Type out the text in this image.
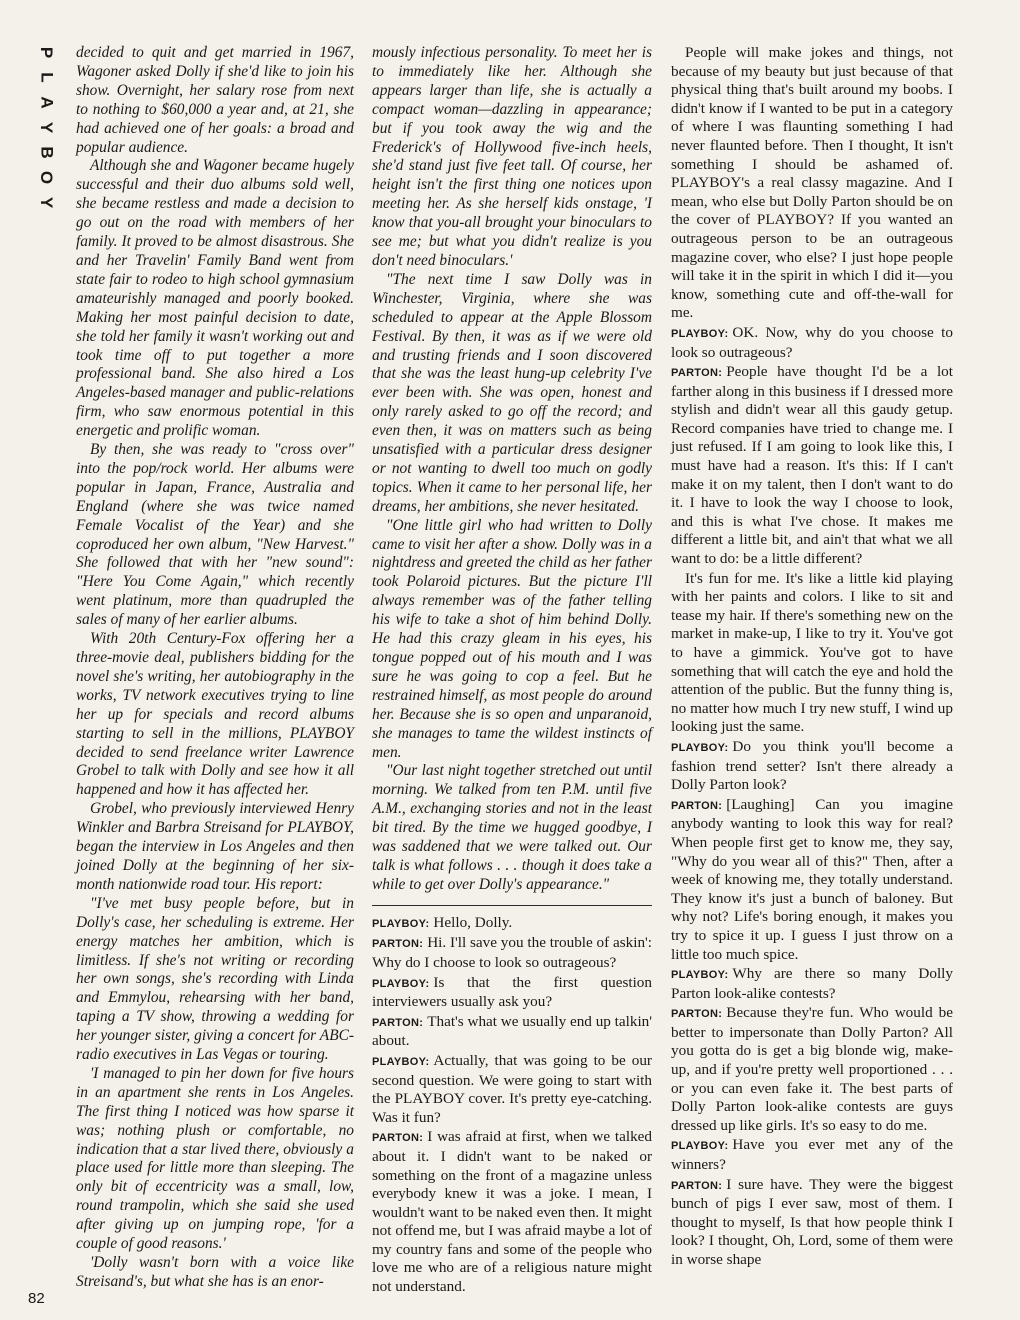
P
L
A
Y
B
O
Y
82

decided to quit and get married in 1967, Wagoner asked Dolly if she'd like to join his show. Overnight, her salary rose from next to nothing to $60,000 a year and, at 21, she had achieved one of her goals: a broad and popular audience.

Although she and Wagoner became hugely successful and their duo albums sold well, she became restless and made a decision to go out on the road with members of her family. It proved to be almost disastrous. She and her Travelin' Family Band went from state fair to rodeo to high school gymnasium amateurishly managed and poorly booked. Making her most painful decision to date, she told her family it wasn't working out and took time off to put together a more professional band. She also hired a Los Angeles-based manager and public-relations firm, who saw enormous potential in this energetic and prolific woman.

By then, she was ready to "cross over" into the pop/rock world. Her albums were popular in Japan, France, Australia and England (where she was twice named Female Vocalist of the Year) and she coproduced her own album, "New Harvest." She followed that with her "new sound": "Here You Come Again," which recently went platinum, more than quadrupled the sales of many of her earlier albums.

With 20th Century-Fox offering her a three-movie deal, publishers bidding for the novel she's writing, her autobiography in the works, TV network executives trying to line her up for specials and record albums starting to sell in the millions, PLAYBOY decided to send freelance writer Lawrence Grobel to talk with Dolly and see how it all happened and how it has affected her.

Grobel, who previously interviewed Henry Winkler and Barbra Streisand for PLAYBOY, began the interview in Los Angeles and then joined Dolly at the beginning of her six-month nationwide road tour. His report:

"I've met busy people before, but in Dolly's case, her scheduling is extreme. Her energy matches her ambition, which is limitless. If she's not writing or recording her own songs, she's recording with Linda and Emmylou, rehearsing with her band, taping a TV show, throwing a wedding for her younger sister, giving a concert for ABC-radio executives in Las Vegas or touring.

'I managed to pin her down for five hours in an apartment she rents in Los Angeles. The first thing I noticed was how sparse it was; nothing plush or comfortable, no indication that a star lived there, obviously a place used for little more than sleeping. The only bit of eccentricity was a small, low, round trampolin, which she said she used after giving up on jumping rope, 'for a couple of good reasons.'

'Dolly wasn't born with a voice like Streisand's, but what she has is an enor-

mously infectious personality. To meet her is to immediately like her. Although she appears larger than life, she is actually a compact woman—dazzling in appearance; but if you took away the wig and the Frederick's of Hollywood five-inch heels, she'd stand just five feet tall. Of course, her height isn't the first thing one notices upon meeting her. As she herself kids onstage, 'I know that you-all brought your binoculars to see me; but what you didn't realize is you don't need binoculars.'

"The next time I saw Dolly was in Winchester, Virginia, where she was scheduled to appear at the Apple Blossom Festival. By then, it was as if we were old and trusting friends and I soon discovered that she was the least hung-up celebrity I've ever been with. She was open, honest and only rarely asked to go off the record; and even then, it was on matters such as being unsatisfied with a particular dress designer or not wanting to dwell too much on godly topics. When it came to her personal life, her dreams, her ambitions, she never hesitated.

"One little girl who had written to Dolly came to visit her after a show. Dolly was in a nightdress and greeted the child as her father took Polaroid pictures. But the picture I'll always remember was of the father telling his wife to take a shot of him behind Dolly. He had this crazy gleam in his eyes, his tongue popped out of his mouth and I was sure he was going to cop a feel. But he restrained himself, as most people do around her. Because she is so open and unparanoid, she manages to tame the wildest instincts of men.

"Our last night together stretched out until morning. We talked from ten P.M. until five A.M., exchanging stories and not in the least bit tired. By the time we hugged goodbye, I was saddened that we were talked out. Our talk is what follows . . . though it does take a while to get over Dolly's appearance."

PLAYBOY: Hello, Dolly.

PARTON: Hi. I'll save you the trouble of askin': Why do I choose to look so outrageous?

PLAYBOY: Is that the first question interviewers usually ask you?

PARTON: That's what we usually end up talkin' about.

PLAYBOY: Actually, that was going to be our second question. We were going to start with the PLAYBOY cover. It's pretty eye-catching. Was it fun?

PARTON: I was afraid at first, when we talked about it. I didn't want to be naked or something on the front of a magazine unless everybody knew it was a joke. I mean, I wouldn't want to be naked even then. It might not offend me, but I was afraid maybe a lot of my country fans and some of the people who love me who are of a religious nature might not understand.

People will make jokes and things, not because of my beauty but just because of that physical thing that's built around my boobs. I didn't know if I wanted to be put in a category of where I was flaunting something I had never flaunted before. Then I thought, It isn't something I should be ashamed of. PLAYBOY's a real classy magazine. And I mean, who else but Dolly Parton should be on the cover of PLAYBOY? If you wanted an outrageous person to be an outrageous magazine cover, who else? I just hope people will take it in the spirit in which I did it—you know, something cute and off-the-wall for me.

PLAYBOY: OK. Now, why do you choose to look so outrageous?

PARTON: People have thought I'd be a lot farther along in this business if I dressed more stylish and didn't wear all this gaudy getup. Record companies have tried to change me. I just refused. If I am going to look like this, I must have had a reason. It's this: If I can't make it on my talent, then I don't want to do it. I have to look the way I choose to look, and this is what I've chose. It makes me different a little bit, and ain't that what we all want to do: be a little different?

It's fun for me. It's like a little kid playing with her paints and colors. I like to sit and tease my hair. If there's something new on the market in make-up, I like to try it. You've got to have a gimmick. You've got to have something that will catch the eye and hold the attention of the public. But the funny thing is, no matter how much I try new stuff, I wind up looking just the same.

PLAYBOY: Do you think you'll become a fashion trend setter? Isn't there already a Dolly Parton look?

PARTON: [Laughing] Can you imagine anybody wanting to look this way for real? When people first get to know me, they say, "Why do you wear all of this?" Then, after a week of knowing me, they totally understand. They know it's just a bunch of baloney. But why not? Life's boring enough, it makes you try to spice it up. I guess I just throw on a little too much spice.

PLAYBOY: Why are there so many Dolly Parton look-alike contests?

PARTON: Because they're fun. Who would be better to impersonate than Dolly Parton? All you gotta do is get a big blonde wig, make-up, and if you're pretty well proportioned . . . or you can even fake it. The best parts of Dolly Parton look-alike contests are guys dressed up like girls. It's so easy to do me.

PLAYBOY: Have you ever met any of the winners?

PARTON: I sure have. They were the biggest bunch of pigs I ever saw, most of them. I thought to myself, Is that how people think I look? I thought, Oh, Lord, some of them were in worse shape
